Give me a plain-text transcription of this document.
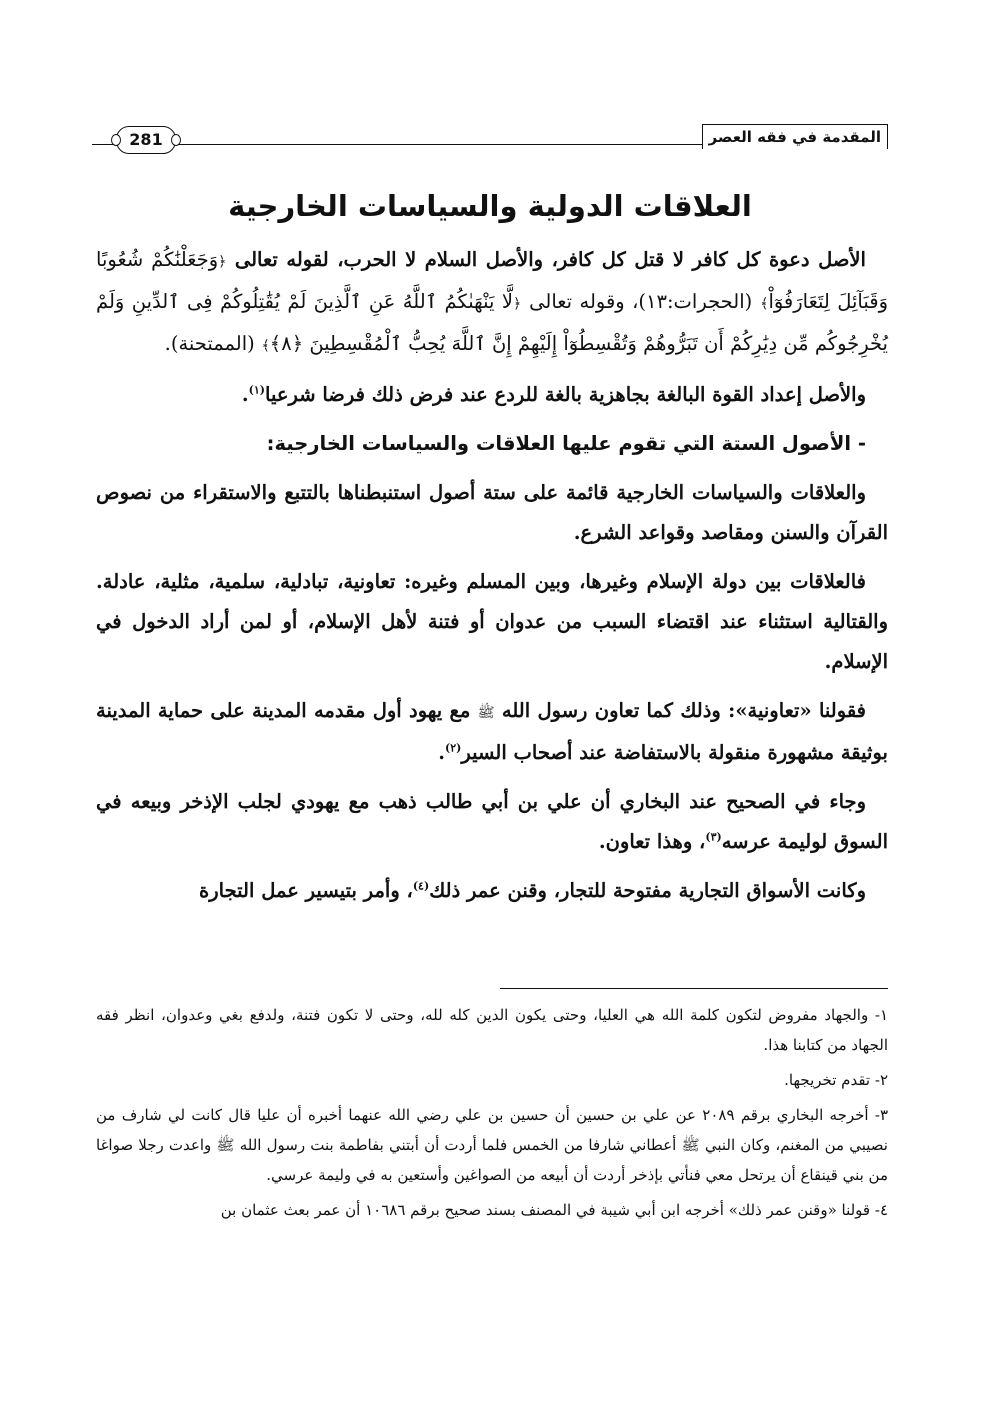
المقدمة في فقه العصر
281
العلاقات الدولية والسياسات الخارجية

الأصل دعوة كل كافر لا قتل كل كافر، والأصل السلام لا الحرب، لقوله تعالى ﴿وَجَعَلْنَٰكُمْ شُعُوبًا وَقَبَآئِلَ لِتَعَارَفُوٓاْ﴾ (الحجرات:١٣)، وقوله تعالى ﴿لَّا يَنْهَىٰكُمُ ٱللَّهُ عَنِ ٱلَّذِينَ لَمْ يُقَٰتِلُوكُمْ فِى ٱلدِّينِ وَلَمْ يُخْرِجُوكُم مِّن دِيَٰرِكُمْ أَن تَبَرُّوهُمْ وَتُقْسِطُوٓاْ إِلَيْهِمْ إِنَّ ٱللَّهَ يُحِبُّ ٱلْمُقْسِطِينَ ﴿٨﴾﴾ (الممتحنة).

والأصل إعداد القوة البالغة بجاهزية بالغة للردع عند فرض ذلك فرضا شرعيا$^{(١)}$.

- الأصول الستة التي تقوم عليها العلاقات والسياسات الخارجية:

والعلاقات والسياسات الخارجية قائمة على ستة أصول استنبطناها بالتتبع والاستقراء من نصوص القرآن والسنن ومقاصد وقواعد الشرع.

فالعلاقات بين دولة الإسلام وغيرها، وبين المسلم وغيره: تعاونية، تبادلية، سلمية، مثلية، عادلة. والقتالية استثناء عند اقتضاء السبب من عدوان أو فتنة لأهل الإسلام، أو لمن أراد الدخول في الإسلام.

فقولنا «تعاونية»: وذلك كما تعاون رسول الله ﷺ مع يهود أول مقدمه المدينة على حماية المدينة بوثيقة مشهورة منقولة بالاستفاضة عند أصحاب السير$^{(٢)}$.

وجاء في الصحيح عند البخاري أن علي بن أبي طالب ذهب مع يهودي لجلب الإذخر وبيعه في السوق لوليمة عرسه$^{(٣)}$، وهذا تعاون.

وكانت الأسواق التجارية مفتوحة للتجار، وقنن عمر ذلك$^{(٤)}$، وأمر بتيسير عمل التجارة

١- والجهاد مفروض لتكون كلمة الله هي العليا، وحتى يكون الدين كله لله، وحتى لا تكون فتنة، ولدفع بغي وعدوان، انظر فقه الجهاد من كتابنا هذا.

٢- تقدم تخريجها.

٣- أخرجه البخاري برقم ٢٠٨٩ عن علي بن حسين أن حسين بن علي رضي الله عنهما أخبره أن عليا قال كانت لي شارف من نصيبي من المغنم، وكان النبي ﷺ أعطاني شارفا من الخمس فلما أردت أن أبتني بفاطمة بنت رسول الله ﷺ واعدت رجلا صواغا من بني قينقاع أن يرتحل معي فنأتي بإذخر أردت أن أبيعه من الصواغين وأستعين به في وليمة عرسي.

٤- قولنا «وقنن عمر ذلك» أخرجه ابن أبي شيبة في المصنف بسند صحيح برقم ١٠٦٨٦ أن عمر بعث عثمان بن
